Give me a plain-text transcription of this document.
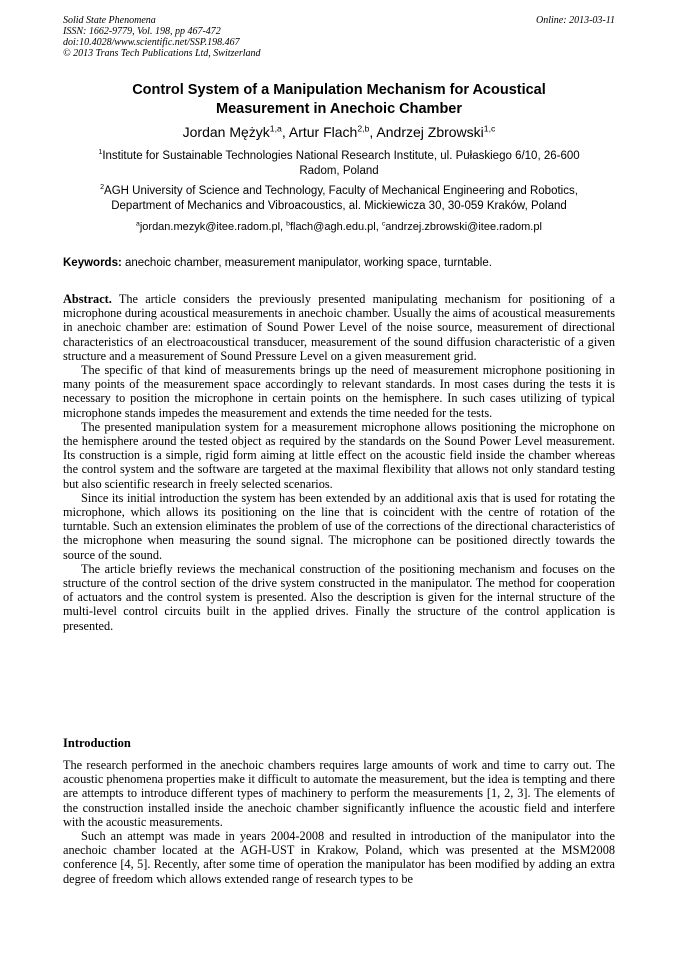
Solid State Phenomena
ISSN: 1662-9779, Vol. 198, pp 467-472
doi:10.4028/www.scientific.net/SSP.198.467
© 2013 Trans Tech Publications Ltd, Switzerland
Online: 2013-03-11
Control System of a Manipulation Mechanism for Acoustical
Measurement in Anechoic Chamber
Jordan Mężyk$^{1,a}$, Artur Flach$^{2,b}$, Andrzej Zbrowski$^{1,c}$
$^1$Institute for Sustainable Technologies National Research Institute, ul. Pułaskiego 6/10, 26-600
Radom, Poland
$^2$AGH University of Science and Technology, Faculty of Mechanical Engineering and Robotics,
Department of Mechanics and Vibroacoustics, al. Mickiewicza 30, 30-059 Kraków, Poland
$^a$jordan.mezyk@itee.radom.pl, $^b$flach@agh.edu.pl, $^c$andrzej.zbrowski@itee.radom.pl
Keywords: anechoic chamber, measurement manipulator, working space, turntable.

Abstract. The article considers the previously presented manipulating mechanism for positioning of a microphone during acoustical measurements in anechoic chamber. Usually the aims of acoustical measurements in anechoic chamber are: estimation of Sound Power Level of the noise source, measurement of directional characteristics of an electroacoustical transducer, measurement of the sound diffusion characteristic of a given structure and a measurement of Sound Pressure Level on a given measurement grid.

The specific of that kind of measurements brings up the need of measurement microphone positioning in many points of the measurement space accordingly to relevant standards. In most cases during the tests it is necessary to position the microphone in certain points on the hemisphere. In such cases utilizing of typical microphone stands impedes the measurement and extends the time needed for the tests.

The presented manipulation system for a measurement microphone allows positioning the microphone on the hemisphere around the tested object as required by the standards on the Sound Power Level measurement. Its construction is a simple, rigid form aiming at little effect on the acoustic field inside the chamber whereas the control system and the software are targeted at the maximal flexibility that allows not only standard testing but also scientific research in freely selected scenarios.

Since its initial introduction the system has been extended by an additional axis that is used for rotating the microphone, which allows its positioning on the line that is coincident with the centre of rotation of the turntable. Such an extension eliminates the problem of use of the corrections of the directional characteristics of the microphone when measuring the sound signal. The microphone can be positioned directly towards the source of the sound.

The article briefly reviews the mechanical construction of the positioning mechanism and focuses on the structure of the control section of the drive system constructed in the manipulator. The method for cooperation of actuators and the control system is presented. Also the description is given for the internal structure of the multi-level control circuits built in the applied drives. Finally the structure of the control application is presented.

Introduction

The research performed in the anechoic chambers requires large amounts of work and time to carry out. The acoustic phenomena properties make it difficult to automate the measurement, but the idea is tempting and there are attempts to introduce different types of machinery to perform the measurements [1, 2, 3]. The elements of the construction installed inside the anechoic chamber significantly influence the acoustic field and interfere with the acoustic measurements.

Such an attempt was made in years 2004-2008 and resulted in introduction of the manipulator into the anechoic chamber located at the AGH-UST in Krakow, Poland, which was presented at the MSM2008 conference [4, 5]. Recently, after some time of operation the manipulator has been modified by adding an extra degree of freedom which allows extended range of research types to be
